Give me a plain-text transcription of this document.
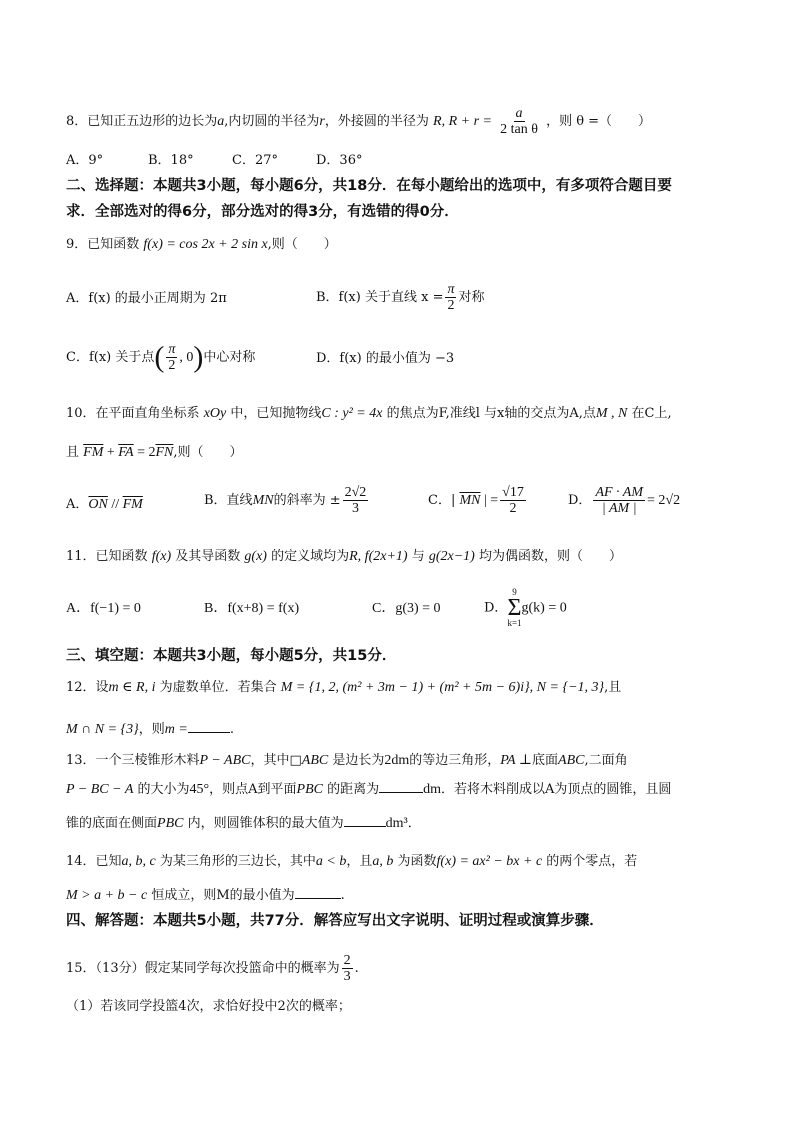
8．已知正五边形的边长为a,内切圆的半径为r，外接圆的半径为 R, $R + r = \frac{a}{\text{2 tan θ}}$ ，则 θ =（　　）
A．9°	B．18°	C．27°	D．36°
二、选择题：本题共3小题，每小题6分，共18分．在每小题给出的选项中，有多项符合题目要
求．全部选对的得6分，部分选对的得3分，有选错的得0分．
9．已知函数 f(x) = cos 2x + 2 sin x,则（　　）
A．f(x) 的最小正周期为 2π	B．f(x) 关于直线 $x = \frac{\pi}{2}$ 对称
C．f(x) 关于点( $\frac{\pi}{2}$ , 0)中心对称	D．f(x) 的最小值为 −3
10．在平面直角坐标系 xOy 中，已知抛物线C : y² = 4x 的焦点为F,准线l 与x轴的交点为A,点M , N 在C上,
且 $\overline{FM} + \overline{FA} = 2\overline{FN}$,则（　　）
A．$\overline{ON} // \overline{FM}$	B．直线MN的斜率为 ± $\frac{2√2}{3}$	C．| $\overline{MN}$ | = $\frac{√17}{2}$	D． $\frac{AF \cdot AM}{| AM |} = 2√2$
11．已知函数 f(x) 及其导函数 g(x) 的定义域均为R, f(2x+1) 与 g(2x−1) 均为偶函数，则（　　）
A．f(−1) = 0	B．f(x+8) = f(x)	C．g(3) = 0	D．
9
Σ
k=1
g(k) = 0
三、填空题：本题共3小题，每小题5分，共15分．
12．设m ∈ R, i 为虚数单位．若集合 M = {1, 2, (m² + 3m − 1) + (m² + 5m − 6)i}, N = {−1, 3},且
M ∩ N = {3}，则m =	.
13．一个三棱锥形木料P − ABC，其中□ABC 是边长为2dm的等边三角形，PA ⊥底面ABC,二面角
P − BC − A 的大小为45°，则点A到平面PBC 的距离为	dm．若将木料削成以A为顶点的圆锥，且圆
锥的底面在侧面PBC 内，则圆锥体积的最大值为	dm³．
14．已知a, b, c 为某三角形的三边长，其中a < b，且a, b 为函数f(x) = ax² − bx + c 的两个零点，若
M > a + b − c 恒成立，则M的最小值为	.
四、解答题：本题共5小题，共77分．解答应写出文字说明、证明过程或演算步骤．
15．（13分）假定某同学每次投篮命中的概率为 $\frac{2}{3}$ .
（1）若该同学投篮4次，求恰好投中2次的概率；
